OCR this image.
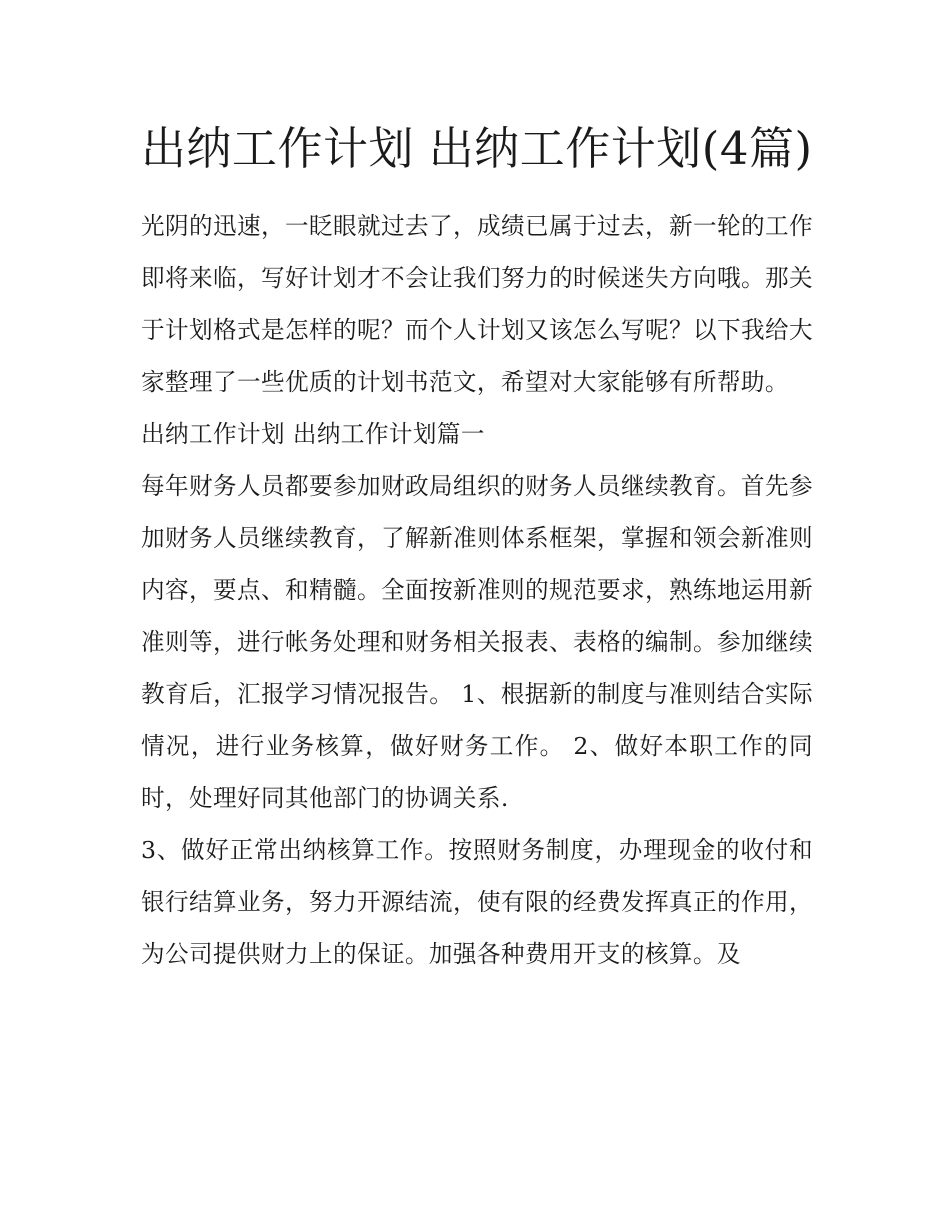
出纳工作计划 出纳工作计划(4篇)

光阴的迅速，一眨眼就过去了，成绩已属于过去，新一轮的工作即将来临，写好计划才不会让我们努力的时候迷失方向哦。那关于计划格式是怎样的呢？而个人计划又该怎么写呢？以下我给大家整理了一些优质的计划书范文，希望对大家能够有所帮助。

出纳工作计划 出纳工作计划篇一

每年财务人员都要参加财政局组织的财务人员继续教育。首先参加财务人员继续教育，了解新准则体系框架，掌握和领会新准则内容，要点、和精髓。全面按新准则的规范要求，熟练地运用新准则等，进行帐务处理和财务相关报表、表格的编制。参加继续教育后，汇报学习情况报告。 1、根据新的制度与准则结合实际情况，进行业务核算，做好财务工作。 2、做好本职工作的同时，处理好同其他部门的协调关系.

3、做好正常出纳核算工作。按照财务制度，办理现金的收付和银行结算业务，努力开源结流，使有限的经费发挥真正的作用，为公司提供财力上的保证。加强各种费用开支的核算。及
